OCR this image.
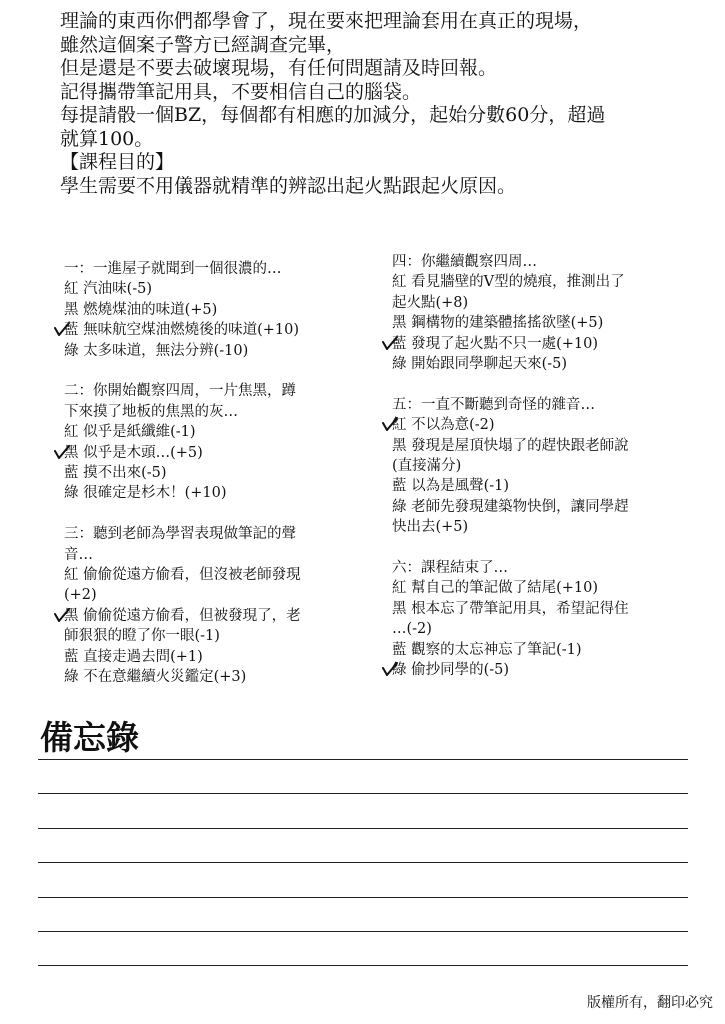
理論的東西你們都學會了，現在要來把理論套用在真正的現場，
雖然這個案子警方已經調查完畢，
但是還是不要去破壞現場，有任何問題請及時回報。
記得攜帶筆記用具，不要相信自己的腦袋。
每提請骰一個BZ，每個都有相應的加減分，起始分數60分，超過
就算100。
【課程目的】
學生需要不用儀器就精準的辨認出起火點跟起火原因。
一：一進屋子就聞到一個很濃的…
紅 汽油味(-5)
黑 燃燒煤油的味道(+5)
藍 無味航空煤油燃燒後的味道(+10)
綠 太多味道，無法分辨(-10)
二：你開始觀察四周，一片焦黑，蹲
下來摸了地板的焦黑的灰…
紅 似乎是紙纖維(-1)
黑 似乎是木頭…(+5)
藍 摸不出來(-5)
綠 很確定是杉木！(+10)
三：聽到老師為學習表現做筆記的聲
音…
紅 偷偷從遠方偷看，但沒被老師發現
(+2)
黑 偷偷從遠方偷看，但被發現了，老
師狠狠的瞪了你一眼(-1)
藍 直接走過去問(+1)
綠 不在意繼續火災鑑定(+3)
四：你繼續觀察四周…
紅 看見牆壁的V型的燒痕，推測出了
起火點(+8)
黑 鋼構物的建築體搖搖欲墜(+5)
藍 發現了起火點不只一處(+10)
綠 開始跟同學聊起天來(-5)
五：一直不斷聽到奇怪的雜音…
紅 不以為意(-2)
黑 發現是屋頂快塌了的趕快跟老師說
(直接滿分)
藍 以為是風聲(-1)
綠 老師先發現建築物快倒，讓同學趕
快出去(+5)
六：課程結束了…
紅 幫自己的筆記做了結尾(+10)
黑 根本忘了帶筆記用具，希望記得住
…(-2)
藍 觀察的太忘神忘了筆記(-1)
綠 偷抄同學的(-5)
備忘錄
版權所有，翻印必究
